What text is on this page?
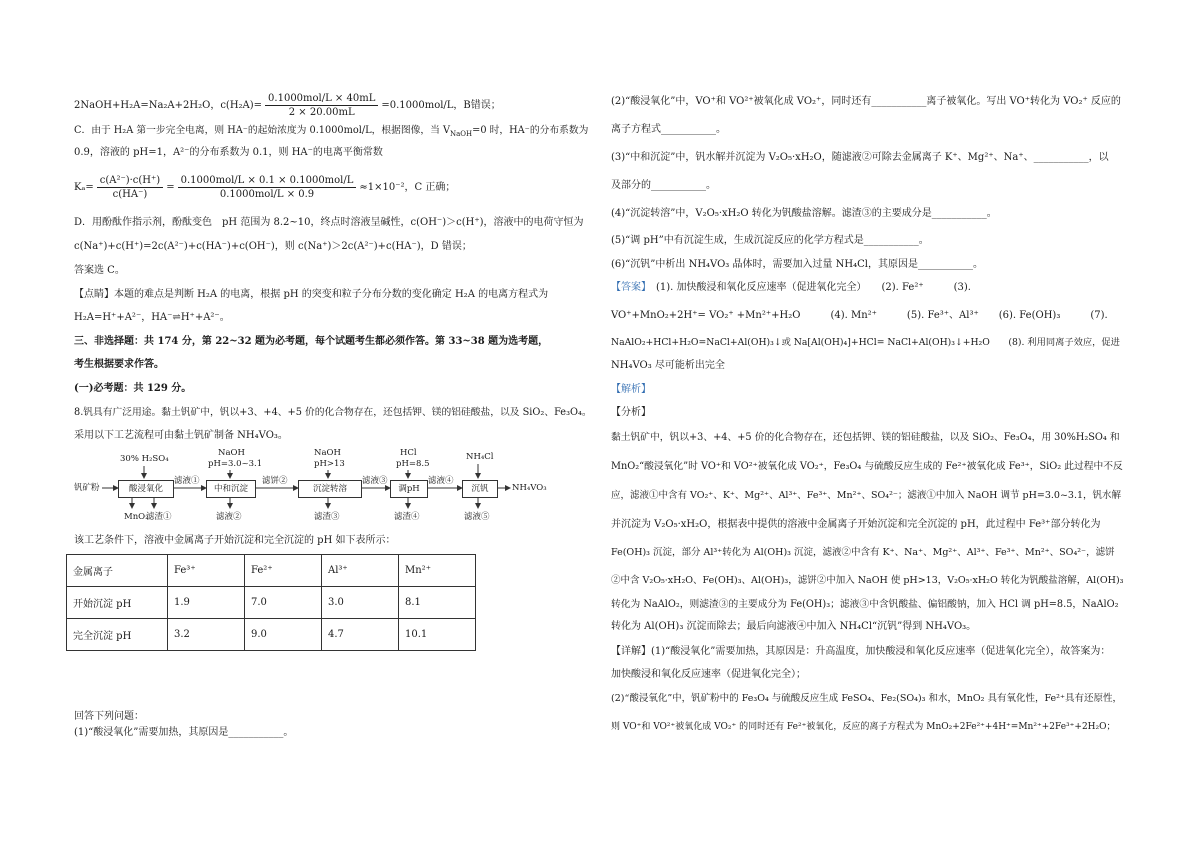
2NaOH+H₂A=Na₂A+2H₂O，$c(H_2A)= \frac{\text{0.1000mol/L × 40mL}}{2 \times 20.00mL} =0.1000mol/L$，B错误；
C．由于 H₂A 第一步完全电离，则 HA⁻的起始浓度为 0.1000mol/L，根据图像，当 $V_{NaOH}=0$ 时，HA⁻的分布系数为
0.9，溶液的 pH=1，A²⁻的分布系数为 0.1，则 HA⁻的电离平衡常数
$K_a= \frac{\text{c(A²⁻)·c(H⁺)}}{c(HA^-)} = \frac{\text{0.1000mol/L × 0.1 × 0.1000mol/L}}{\text{0.1000mol/L × 0.9}} \approx 1\times 10^{-2}$，C 正确；
D．用酚酞作指示剂，酚酞变色　pH 范围为 8.2~10，终点时溶液呈碱性，c(OH⁻)＞c(H⁺)，溶液中的电荷守恒为
c(Na⁺)+c(H⁺)=2c(A²⁻)+c(HA⁻)+c(OH⁻)，则 c(Na⁺)＞2c(A²⁻)+c(HA⁻)，D 错误；
答案选 C。
【点睛】本题的难点是判断 H₂A 的电离，根据 pH 的突变和粒子分布分数的变化确定 H₂A 的电离方程式为
H₂A=H⁺+A²⁻，HA⁻⇌H⁺+A²⁻。
三、非选择题：共 174 分，第 22~32 题为必考题，每个试题考生都必须作答。第 33~38 题为选考题，
考生根据要求作答。
(一)必考题：共 129 分。
8.钒具有广泛用途。黏土钒矿中，钒以+3、+4、+5 价的化合物存在，还包括钾、镁的铝硅酸盐，以及 SiO₂、Fe₃O₄。
采用以下工艺流程可由黏土钒矿制备 NH₄VO₃。
钒矿粉	酸浸氧化	中和沉淀	沉淀转溶	调pH	沉钒	NH₄VO₃
30% H₂SO₄
MnO₂
NaOH
pH=3.0~3.1
NaOH
pH>13
HCl
pH=8.5
NH₄Cl
滤液①
滤渣①
滤饼②
滤液②
滤液③
滤渣③
滤液④
滤渣④	滤液⑤
该工艺条件下，溶液中金属离子开始沉淀和完全沉淀的 pH 如下表所示：
金属离子	Fe³⁺	Fe²⁺	Al³⁺	Mn²⁺
开始沉淀 pH	1.9	7.0	3.0	8.1
完全沉淀 pH	3.2	9.0	4.7	10.1
回答下列问题：
(1)“酸浸氧化”需要加热，其原因是___________。
(2)“酸浸氧化”中，VO⁺和 VO²⁺被氧化成 VO₂⁺，同时还有___________离子被氧化。写出 VO⁺转化为 VO₂⁺ 反应的
离子方程式___________。
(3)“中和沉淀”中，钒水解并沉淀为 V₂O₅·xH₂O，随滤液②可除去金属离子 K⁺、Mg²⁺、Na⁺、___________，以
及部分的___________。
(4)“沉淀转溶”中，V₂O₅·xH₂O 转化为钒酸盐溶解。滤渣③的主要成分是___________。
(5)“调 pH”中有沉淀生成，生成沉淀反应的化学方程式是___________。
(6)“沉钒”中析出 NH₄VO₃ 晶体时，需要加入过量 NH₄Cl，其原因是___________。
【答案】　 (1). 加快酸浸和氧化反应速率（促进氧化完全）　　(2). Fe²⁺　　　(3).
VO⁺+MnO₂+2H⁺= VO₂⁺ +Mn²⁺+H₂O　　　(4). Mn²⁺　　　(5). Fe³⁺、Al³⁺　　(6). Fe(OH)₃　　　(7).
NaAlO₂+HCl+H₂O=NaCl+Al(OH)₃↓或 Na[Al(OH)₄]+HCl= NaCl+Al(OH)₃↓+H₂O　　(8). 利用同离子效应，促进
NH₄VO₃ 尽可能析出完全
【解析】
【分析】
黏土钒矿中，钒以+3、+4、+5 价的化合物存在，还包括钾、镁的铝硅酸盐，以及 SiO₂、Fe₃O₄，用 30%H₂SO₄ 和
MnO₂“酸浸氧化”时 VO⁺和 VO²⁺被氧化成 VO₂⁺，Fe₃O₄ 与硫酸反应生成的 Fe²⁺被氧化成 Fe³⁺，SiO₂ 此过程中不反
应，滤液①中含有 VO₂⁺、K⁺、Mg²⁺、Al³⁺、Fe³⁺、Mn²⁺、SO₄²⁻；滤液①中加入 NaOH 调节 pH=3.0~3.1，钒水解
并沉淀为 V₂O₅·xH₂O，根据表中提供的溶液中金属离子开始沉淀和完全沉淀的 pH，此过程中 Fe³⁺部分转化为
Fe(OH)₃ 沉淀，部分 Al³⁺转化为 Al(OH)₃ 沉淀，滤液②中含有 K⁺、Na⁺、Mg²⁺、Al³⁺、Fe³⁺、Mn²⁺、SO₄²⁻，滤饼
②中含 V₂O₅·xH₂O、Fe(OH)₃、Al(OH)₃，滤饼②中加入 NaOH 使 pH>13，V₂O₅·xH₂O 转化为钒酸盐溶解，Al(OH)₃
转化为 NaAlO₂，则滤渣③的主要成分为 Fe(OH)₃；滤液③中含钒酸盐、偏铝酸钠，加入 HCl 调 pH=8.5，NaAlO₂
转化为 Al(OH)₃ 沉淀而除去；最后向滤液④中加入 NH₄Cl“沉钒”得到 NH₄VO₃。
【详解】(1)“酸浸氧化”需要加热，其原因是：升高温度，加快酸浸和氧化反应速率（促进氧化完全），故答案为：
加快酸浸和氧化反应速率（促进氧化完全）；
(2)“酸浸氧化”中，钒矿粉中的 Fe₃O₄ 与硫酸反应生成 FeSO₄、Fe₂(SO₄)₃ 和水，MnO₂ 具有氧化性，Fe²⁺具有还原性，
则 VO⁺和 VO²⁺被氧化成 VO₂⁺ 的同时还有 Fe²⁺被氧化，反应的离子方程式为 MnO₂+2Fe²⁺+4H⁺=Mn²⁺+2Fe³⁺+2H₂O；
